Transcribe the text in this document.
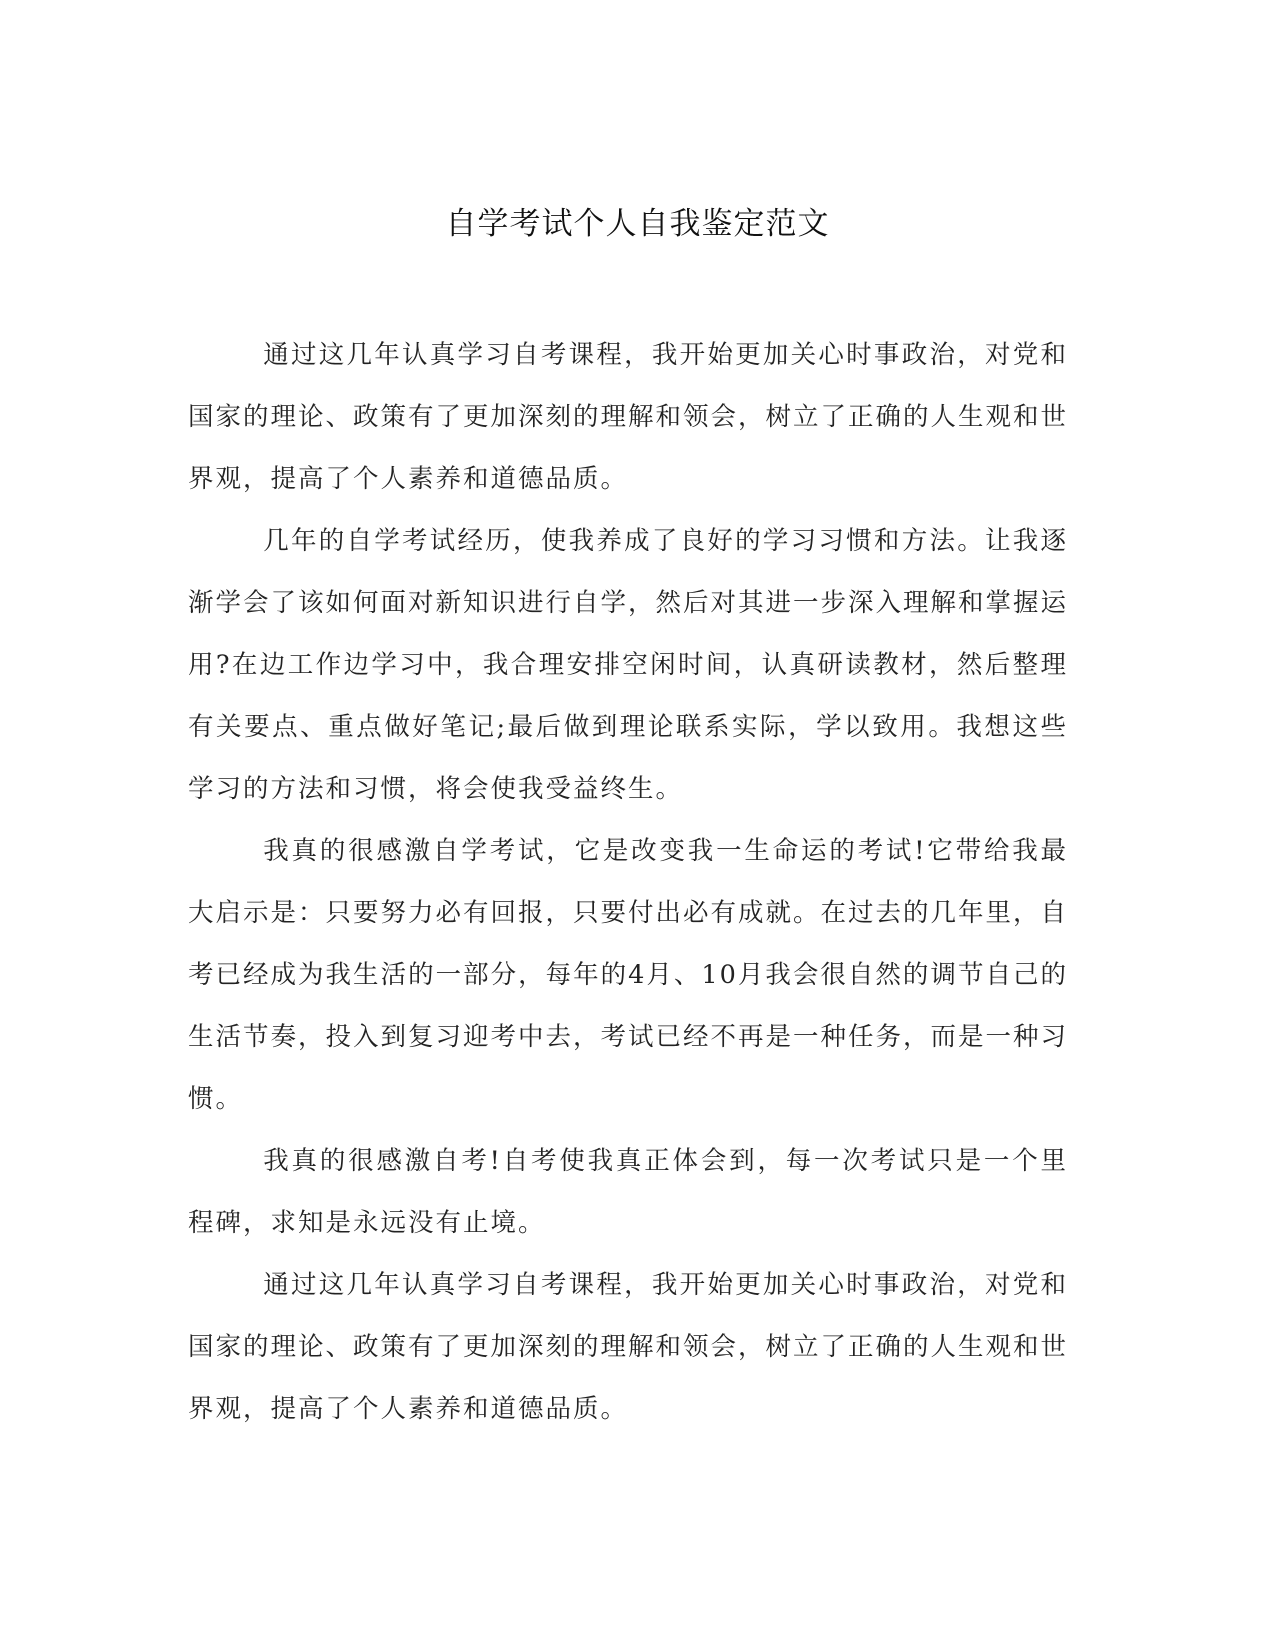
自学考试个人自我鉴定范文

通过这几年认真学习自考课程，我开始更加关心时事政治，对党和国家的理论、政策有了更加深刻的理解和领会，树立了正确的人生观和世界观，提高了个人素养和道德品质。

几年的自学考试经历，使我养成了良好的学习习惯和方法。让我逐渐学会了该如何面对新知识进行自学，然后对其进一步深入理解和掌握运用?在边工作边学习中，我合理安排空闲时间，认真研读教材，然后整理有关要点、重点做好笔记;最后做到理论联系实际，学以致用。我想这些学习的方法和习惯，将会使我受益终生。

我真的很感激自学考试，它是改变我一生命运的考试!它带给我最大启示是：只要努力必有回报，只要付出必有成就。在过去的几年里，自考已经成为我生活的一部分，每年的4月、10月我会很自然的调节自己的生活节奏，投入到复习迎考中去，考试已经不再是一种任务，而是一种习惯。

我真的很感激自考!自考使我真正体会到，每一次考试只是一个里程碑，求知是永远没有止境。

通过这几年认真学习自考课程，我开始更加关心时事政治，对党和国家的理论、政策有了更加深刻的理解和领会，树立了正确的人生观和世界观，提高了个人素养和道德品质。
